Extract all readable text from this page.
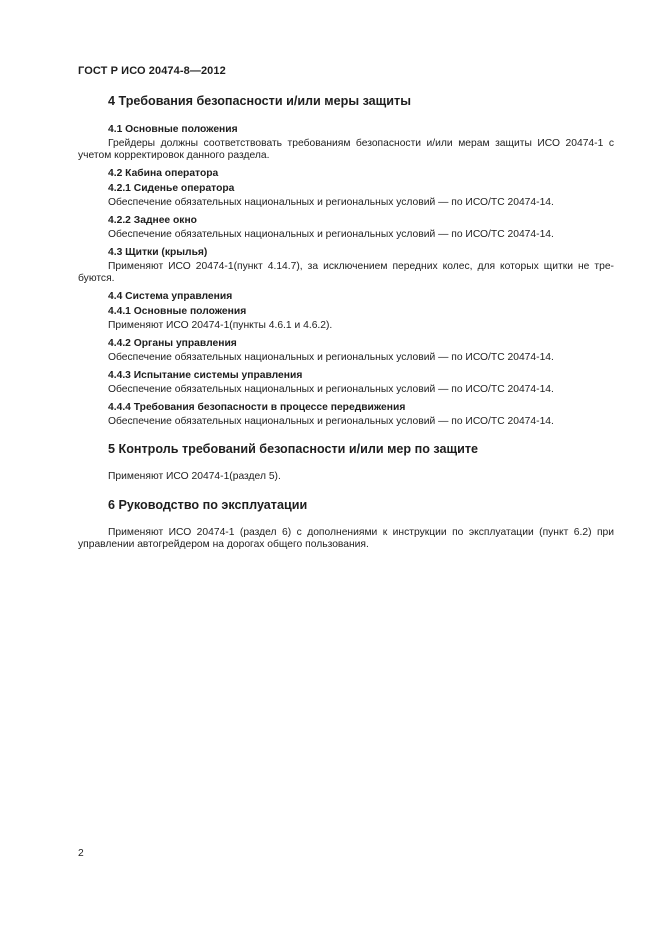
ГОСТ Р ИСО 20474-8—2012
4 Требования безопасности и/или меры защиты
4.1 Основные положения
Грейдеры должны соответствовать требованиям безопасности и/или мерам защиты ИСО 20474-1 с учетом корректировок данного раздела.
4.2 Кабина оператора
4.2.1 Сиденье оператора
Обеспечение обязательных национальных и региональных условий — по ИСО/ТС 20474-14.
4.2.2 Заднее окно
Обеспечение обязательных национальных и региональных условий — по ИСО/ТС 20474-14.
4.3 Щитки (крылья)
Применяют ИСО 20474-1(пункт 4.14.7), за исключением передних колес, для которых щитки не тре-буются.
4.4 Система управления
4.4.1 Основные положения
Применяют ИСО 20474-1(пункты 4.6.1 и 4.6.2).
4.4.2 Органы управления
Обеспечение обязательных национальных и региональных условий — по ИСО/ТС 20474-14.
4.4.3 Испытание системы управления
Обеспечение обязательных национальных и региональных условий — по ИСО/ТС 20474-14.
4.4.4 Требования безопасности в процессе передвижения
Обеспечение обязательных национальных и региональных условий — по ИСО/ТС 20474-14.
5 Контроль требований безопасности и/или мер по защите
Применяют ИСО 20474-1(раздел 5).
6 Руководство по эксплуатации
Применяют ИСО 20474-1 (раздел 6) с дополнениями к инструкции по эксплуатации (пункт 6.2) при управлении автогрейдером на дорогах общего пользования.
2
